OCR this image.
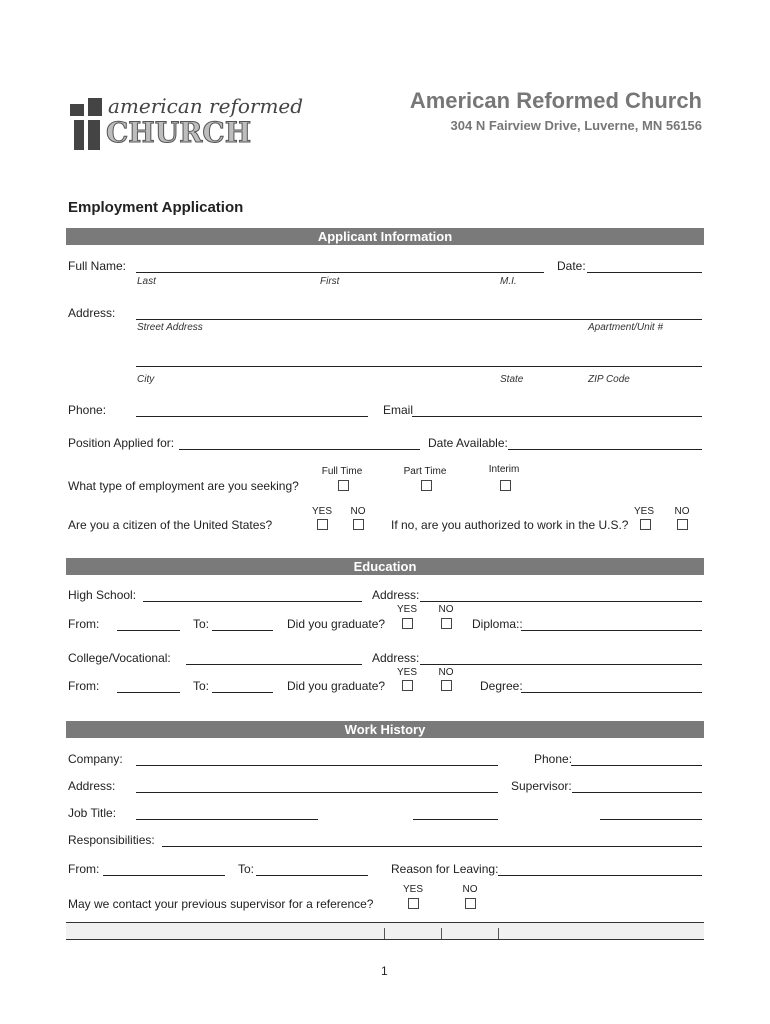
american reformed
CHURCH
American Reformed Church
304 N Fairview Drive, Luverne, MN 56156
Employment Application
Applicant Information
Full Name:
Last	First	M.I.
Date:
Address:
Street Address	Apartment/Unit #
City	State	ZIP Code
Phone:	Email
Position Applied for:	Date Available:
Full Time	Part Time	Interim
What type of employment are you seeking?
YES	NO
Are you a citizen of the United States?
YES	NO
If no, are you authorized to work in the U.S.?
Education
High School:	Address:
YES	NO
From:	To:	Did you graduate?	Diploma::
College/Vocational:	Address:
YES	NO
From:	To:	Did you graduate?	Degree:
Work History
Company:	Phone:
Address:	Supervisor:
Job Title:
Responsibilities:
From:	To:	Reason for Leaving:
YES	NO
May we contact your previous supervisor for a reference?
1
